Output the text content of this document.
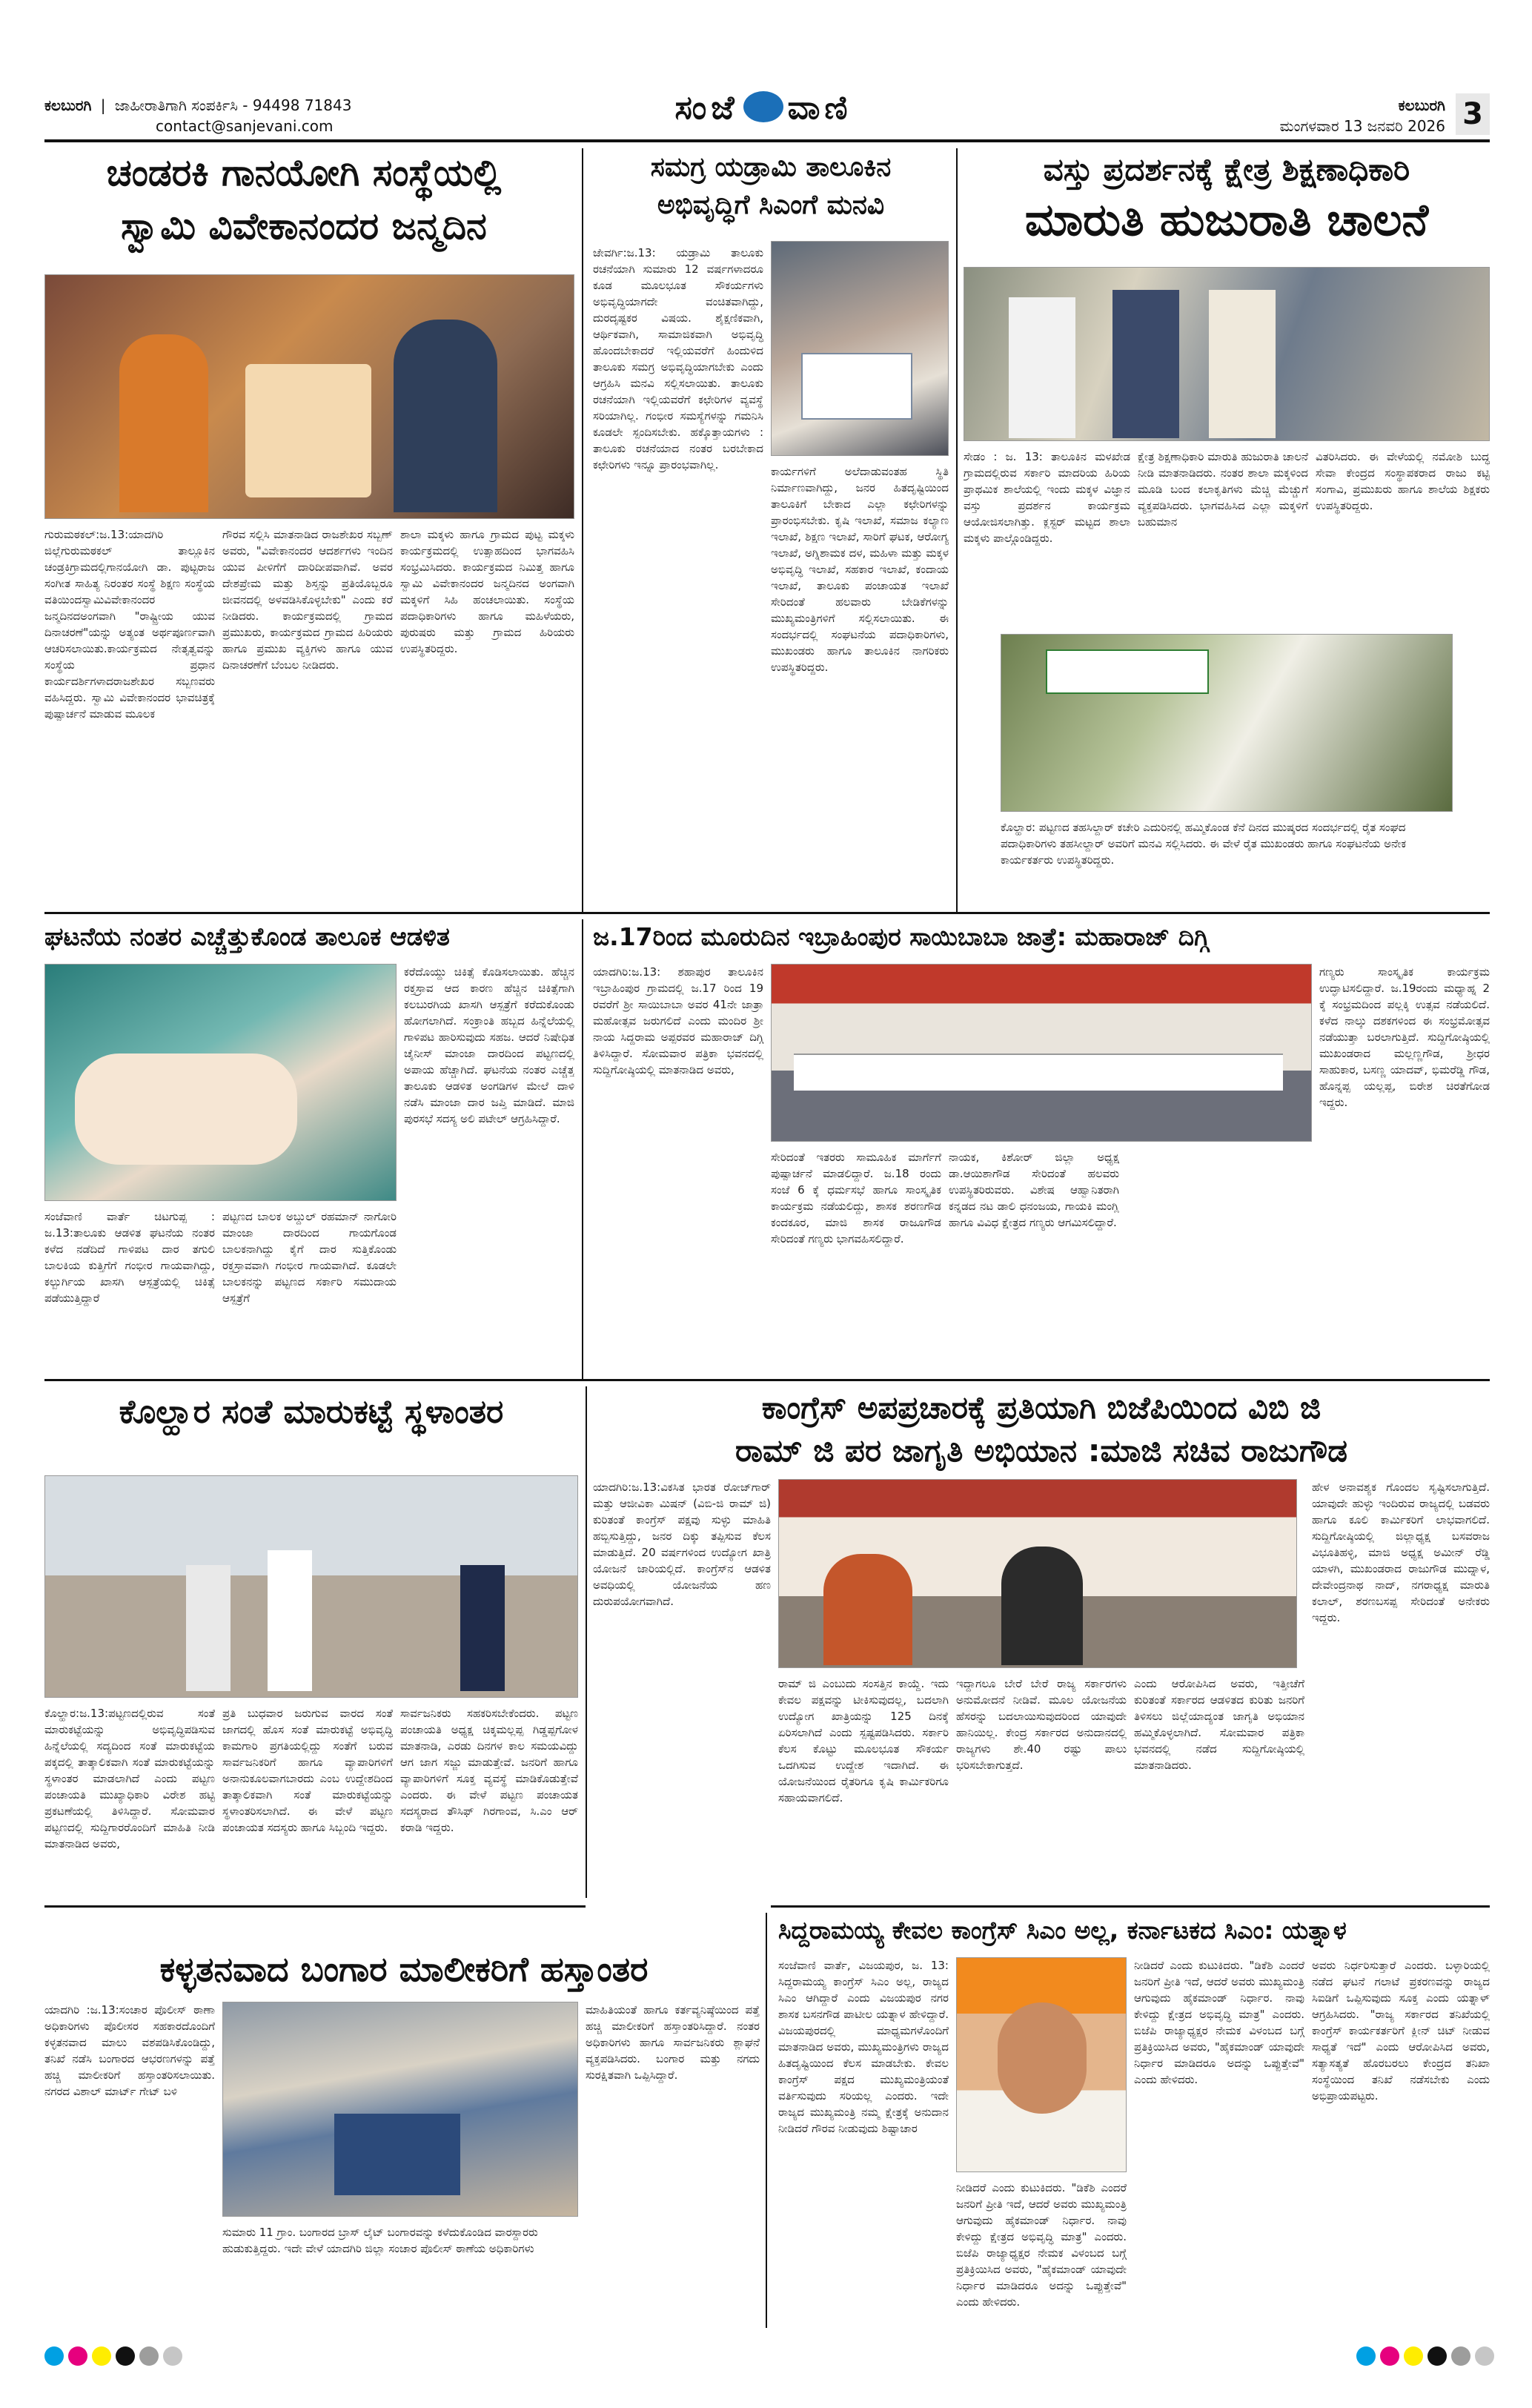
ಕಲಬುರಗಿ | ಜಾಹೀರಾತಿಗಾಗಿ ಸಂಪರ್ಕಿಸಿ - 94498 71843
contact@sanjevani.com	ಸಂಜೆ ವಾಣಿ	ಕಲಬುರಗಿ
ಮಂಗಳವಾರ 13 ಜನವರಿ 2026 3
ಚಂಡರಕಿ ಗಾನಯೋಗಿ ಸಂಸ್ಥೆಯಲ್ಲಿ
ಸ್ವಾಮಿ ವಿವೇಕಾನಂದರ ಜನ್ಮದಿನ
ಗುರುಮಠಕಲ್:ಜ.13:ಯಾದಗಿರಿ ಜಿಲ್ಲೆಗುರುಮಠಕಲ್ ತಾಲ್ಲೂಕಿನ ಚಂಡ್ರಕಿಗ್ರಾಮದಲ್ಲಿಗಾನಯೋಗಿ ಡಾ. ಪುಟ್ಟರಾಜ ಸಂಗೀತ ಸಾಹಿತ್ಯ ನಿರಂತರ ಸಂಸ್ಥೆ ಶಿಕ್ಷಣ ಸಂಸ್ಥೆಯ ವತಿಯಿಂದಸ್ವಾಮಿವಿವೇಕಾನಂದರ ಜನ್ಮದಿನದಅಂಗವಾಗಿ "ರಾಷ್ಟ್ರೀಯ ಯುವ ದಿನಾಚರಣೆ"ಯನ್ನು ಅತ್ಯಂತ ಅರ್ಥಪೂರ್ಣವಾಗಿ ಆಚರಿಸಲಾಯಿತು.ಕಾರ್ಯಕ್ರಮದ ನೇತೃತ್ವವನ್ನು ಸಂಸ್ಥೆಯ ಪ್ರಧಾನ ಕಾರ್ಯದರ್ಶಿಗಳಾದರಾಜಶೇಖರ ಸಬ್ಬಣವರು ವಹಿಸಿದ್ದರು. ಸ್ವಾಮಿ ವಿವೇಕಾನಂದರ ಭಾವಚಿತ್ರಕ್ಕೆ ಪುಷ್ಪಾರ್ಚನೆ ಮಾಡುವ ಮೂಲಕ
ಗೌರವ ಸಲ್ಲಿಸಿ ಮಾತನಾಡಿದ ರಾಜಶೇಖರ ಸಬ್ಬಣ್ ಅವರು, "ವಿವೇಕಾನಂದರ ಆದರ್ಶಗಳು ಇಂದಿನ ಯುವ ಪೀಳಿಗೆಗೆ ದಾರಿದೀಪವಾಗಿವೆ. ಅವರ ದೇಶಪ್ರೇಮ ಮತ್ತು ಶಿಸ್ತನ್ನು ಪ್ರತಿಯೊಬ್ಬರೂ ಜೀವನದಲ್ಲಿ ಅಳವಡಿಸಿಕೊಳ್ಳಬೇಕು" ಎಂದು ಕರೆ ನೀಡಿದರು. ಕಾರ್ಯಕ್ರಮದಲ್ಲಿ ಗ್ರಾಮದ ಪ್ರಮುಖರು, ಕಾರ್ಯಕ್ರಮದ ಗ್ರಾಮದ ಹಿರಿಯರು ಹಾಗೂ ಪ್ರಮುಖ ವ್ಯಕ್ತಿಗಳು ಹಾಗೂ ಯುವ ದಿನಾಚರಣೆಗೆ ಬೆಂಬಲ ನೀಡಿದರು.
ಶಾಲಾ ಮಕ್ಕಳು ಹಾಗೂ ಗ್ರಾಮದ ಪುಟ್ಟ ಮಕ್ಕಳು ಕಾರ್ಯಕ್ರಮದಲ್ಲಿ ಉತ್ಸಾಹದಿಂದ ಭಾಗವಹಿಸಿ ಸಂಭ್ರಮಿಸಿದರು. ಕಾರ್ಯಕ್ರಮದ ನಿಮಿತ್ತ ಹಾಗೂ ಸ್ವಾಮಿ ವಿವೇಕಾನಂದರ ಜನ್ಮದಿನದ ಅಂಗವಾಗಿ ಮಕ್ಕಳಿಗೆ ಸಿಹಿ ಹಂಚಲಾಯಿತು. ಸಂಸ್ಥೆಯ ಪದಾಧಿಕಾರಿಗಳು ಹಾಗೂ ಮಹಿಳೆಯರು, ಪುರುಷರು ಮತ್ತು ಗ್ರಾಮದ ಹಿರಿಯರು ಉಪಸ್ಥಿತರಿದ್ದರು.
ಸಮಗ್ರ ಯಡ್ರಾಮಿ ತಾಲೂಕಿನ
ಅಭಿವೃದ್ಧಿಗೆ ಸಿಎಂಗೆ ಮನವಿ
ಜೇವರ್ಗಿ:ಜ.13: ಯಡ್ರಾಮಿ ತಾಲೂಕು ರಚನೆಯಾಗಿ ಸುಮಾರು 12 ವರ್ಷಗಳಾದರೂ ಕೂಡ ಮೂಲಭೂತ ಸೌಕರ್ಯಗಳು ಅಭಿವೃದ್ಧಿಯಾಗದೇ ವಂಚಿತವಾಗಿದ್ದು, ದುರದೃಷ್ಟಕರ ವಿಷಯ. ಶೈಕ್ಷಣಿಕವಾಗಿ, ಆರ್ಥಿಕವಾಗಿ, ಸಾಮಾಜಿಕವಾಗಿ ಅಭಿವೃದ್ಧಿ ಹೊಂದಬೇಕಾದರೆ ಇಲ್ಲಿಯವರೆಗೆ ಹಿಂದುಳಿದ ತಾಲೂಕು ಸಮಗ್ರ ಅಭಿವೃದ್ಧಿಯಾಗಬೇಕು ಎಂದು ಆಗ್ರಹಿಸಿ ಮನವಿ ಸಲ್ಲಿಸಲಾಯಿತು. ತಾಲೂಕು ರಚನೆಯಾಗಿ ಇಲ್ಲಿಯವರೆಗೆ ಕಛೇರಿಗಳ ವ್ಯವಸ್ಥೆ ಸರಿಯಾಗಿಲ್ಲ. ಗಂಭೀರ ಸಮಸ್ಯೆಗಳನ್ನು ಗಮನಿಸಿ ಕೂಡಲೇ ಸ್ಪಂದಿಸಬೇಕು. ಹಕ್ಕೊತ್ತಾಯಗಳು : ತಾಲೂಕು ರಚನೆಯಾದ ನಂತರ ಬರಬೇಕಾದ ಕಛೇರಿಗಳು ಇನ್ನೂ ಪ್ರಾರಂಭವಾಗಿಲ್ಲ.	ಕಾರ್ಯಗಳಿಗೆ ಅಲೆದಾಡುವಂತಹ ಸ್ಥಿತಿ ನಿರ್ಮಾಣವಾಗಿದ್ದು, ಜನರ ಹಿತದೃಷ್ಟಿಯಿಂದ ತಾಲೂಕಿಗೆ ಬೇಕಾದ ಎಲ್ಲಾ ಕಛೇರಿಗಳನ್ನು ಪ್ರಾರಂಭಿಸಬೇಕು. ಕೃಷಿ ಇಲಾಖೆ, ಸಮಾಜ ಕಲ್ಯಾಣ ಇಲಾಖೆ, ಶಿಕ್ಷಣ ಇಲಾಖೆ, ಸಾರಿಗೆ ಘಟಕ, ಆರೋಗ್ಯ ಇಲಾಖೆ, ಅಗ್ನಿಶಾಮಕ ದಳ, ಮಹಿಳಾ ಮತ್ತು ಮಕ್ಕಳ ಅಭಿವೃದ್ಧಿ ಇಲಾಖೆ, ಸಹಕಾರ ಇಲಾಖೆ, ಕಂದಾಯ ಇಲಾಖೆ, ತಾಲೂಕು ಪಂಚಾಯತ ಇಲಾಖೆ ಸೇರಿದಂತೆ ಹಲವಾರು ಬೇಡಿಕೆಗಳನ್ನು ಮುಖ್ಯಮಂತ್ರಿಗಳಿಗೆ ಸಲ್ಲಿಸಲಾಯಿತು. ಈ ಸಂದರ್ಭದಲ್ಲಿ ಸಂಘಟನೆಯ ಪದಾಧಿಕಾರಿಗಳು, ಮುಖಂಡರು ಹಾಗೂ ತಾಲೂಕಿನ ನಾಗರಿಕರು ಉಪಸ್ಥಿತರಿದ್ದರು.
ವಸ್ತು ಪ್ರದರ್ಶನಕ್ಕೆ ಕ್ಷೇತ್ರ ಶಿಕ್ಷಣಾಧಿಕಾರಿ
ಮಾರುತಿ ಹುಜುರಾತಿ ಚಾಲನೆ
ಸೇಡಂ : ಜ. 13: ತಾಲೂಕಿನ ಮಳಖೇಡ ಗ್ರಾಮದಲ್ಲಿರುವ ಸರ್ಕಾರಿ ಮಾದರಿಯ ಹಿರಿಯ ಪ್ರಾಥಮಿಕ ಶಾಲೆಯಲ್ಲಿ ಇಂದು ಮಕ್ಕಳ ವಿಜ್ಞಾನ ವಸ್ತು ಪ್ರದರ್ಶನ ಕಾರ್ಯಕ್ರಮ ಆಯೋಜಿಸಲಾಗಿತ್ತು. ಕ್ಲಸ್ಟರ್ ಮಟ್ಟದ ಶಾಲಾ ಮಕ್ಕಳು ಪಾಲ್ಗೊಂಡಿದ್ದರು.
ಕ್ಷೇತ್ರ ಶಿಕ್ಷಣಾಧಿಕಾರಿ ಮಾರುತಿ ಹುಜುರಾತಿ ಚಾಲನೆ ನೀಡಿ ಮಾತನಾಡಿದರು. ನಂತರ ಶಾಲಾ ಮಕ್ಕಳಿಂದ ಮೂಡಿ ಬಂದ ಕಲಾಕೃತಿಗಳು ಮೆಚ್ಚಿ ಮೆಚ್ಚುಗೆ ವ್ಯಕ್ತಪಡಿಸಿದರು. ಭಾಗವಹಿಸಿದ ಎಲ್ಲಾ ಮಕ್ಕಳಿಗೆ ಬಹುಮಾನ
ವಿತರಿಸಿದರು. ಈ ವೇಳೆಯಲ್ಲಿ ನಮೋಶಿ ಬುದ್ಧ ಸೇವಾ ಕೇಂದ್ರದ ಸಂಸ್ಥಾಪಕರಾದ ರಾಜು ಕಟ್ಟಿ ಸಂಗಾವಿ, ಪ್ರಮುಖರು ಹಾಗೂ ಶಾಲೆಯ ಶಿಕ್ಷಕರು ಉಪಸ್ಥಿತರಿದ್ದರು.
ಕೊಲ್ಹಾರ: ಪಟ್ಟಣದ ತಹಸಿಲ್ದಾರ್ ಕಚೇರಿ ಎದುರಿನಲ್ಲಿ ಹಮ್ಮಿಕೊಂಡ ಕೆನೆ ದಿನದ ಮುಷ್ಕರದ ಸಂದರ್ಭದಲ್ಲಿ ರೈತ ಸಂಘದ ಪದಾಧಿಕಾರಿಗಳು ತಹಸೀಲ್ದಾರ್ ಅವರಿಗೆ ಮನವಿ ಸಲ್ಲಿಸಿದರು. ಈ ವೇಳೆ ರೈತ ಮುಖಂಡರು ಹಾಗೂ ಸಂಘಟನೆಯ ಅನೇಕ ಕಾರ್ಯಕರ್ತರು ಉಪಸ್ಥಿತರಿದ್ದರು.
ಘಟನೆಯ ನಂತರ ಎಚ್ಚೆತ್ತುಕೊಂಡ ತಾಲೂಕ ಆಡಳಿತ
ಸಂಜೆವಾಣಿ ವಾರ್ತೆ ಚಿಟಗುಪ್ಪ : ಜ.13:ತಾಲೂಕು ಆಡಳಿತ ಘಟನೆಯ ನಂತರ ಕಳೆದ ನಡೆದಿದೆ ಗಾಳಿಪಟ ದಾರ ತಗುಲಿ ಬಾಲಕಿಯ ಕುತ್ತಿಗೆಗೆ ಗಂಭೀರ ಗಾಯವಾಗಿದ್ದು, ಕಲ್ಬುರ್ಗಿಯ ಖಾಸಗಿ ಆಸ್ಪತ್ರೆಯಲ್ಲಿ ಚಿಕಿತ್ಸೆ ಪಡೆಯುತ್ತಿದ್ದಾರೆ
ಪಟ್ಟಣದ ಬಾಲಕ ಅಬ್ದುಲ್ ರಹಮಾನ್ ನಾಗೋರಿ ಮಾಂಜಾ ದಾರದಿಂದ ಗಾಯಗೊಂಡ ಬಾಲಕನಾಗಿದ್ದು ಕೈಗೆ ದಾರ ಸುತ್ತಿಕೊಂಡು ರಕ್ತಸ್ರಾವವಾಗಿ ಗಂಭೀರ ಗಾಯವಾಗಿದೆ. ಕೂಡಲೇ ಬಾಲಕನನ್ನು ಪಟ್ಟಣದ ಸರ್ಕಾರಿ ಸಮುದಾಯ ಆಸ್ಪತ್ರೆಗೆ
ಕರೆದೊಯ್ದು ಚಿಕಿತ್ಸೆ ಕೊಡಿಸಲಾಯಿತು. ಹೆಚ್ಚಿನ ರಕ್ತಸ್ರಾವ ಆದ ಕಾರಣ ಹೆಚ್ಚಿನ ಚಿಕಿತ್ಸೆಗಾಗಿ ಕಲಬುರಗಿಯ ಖಾಸಗಿ ಆಸ್ಪತ್ರೆಗೆ ಕರೆದುಕೊಂಡು ಹೋಗಲಾಗಿದೆ. ಸಂಕ್ರಾಂತಿ ಹಬ್ಬದ ಹಿನ್ನೆಲೆಯಲ್ಲಿ ಗಾಳಿಪಟ ಹಾರಿಸುವುದು ಸಹಜ. ಆದರೆ ನಿಷೇಧಿತ ಚೈನೀಸ್ ಮಾಂಜಾ ದಾರದಿಂದ ಪಟ್ಟಣದಲ್ಲಿ ಅಪಾಯ ಹೆಚ್ಚಾಗಿದೆ. ಘಟನೆಯ ನಂತರ ಎಚ್ಚೆತ್ತ ತಾಲೂಕು ಆಡಳಿತ ಅಂಗಡಿಗಳ ಮೇಲೆ ದಾಳಿ ನಡೆಸಿ ಮಾಂಜಾ ದಾರ ಜಪ್ತಿ ಮಾಡಿದೆ. ಮಾಜಿ ಪುರಸಭೆ ಸದಸ್ಯ ಅಲಿ ಪಟೇಲ್ ಆಗ್ರಹಿಸಿದ್ದಾರೆ.
ಜ.17ರಿಂದ ಮೂರುದಿನ ಇಬ್ರಾಹಿಂಪುರ ಸಾಯಿಬಾಬಾ ಜಾತ್ರೆ: ಮಹಾರಾಜ್ ದಿಗ್ಗಿ
ಯಾದಗಿರಿ:ಜ.13: ಶಹಾಪುರ ತಾಲೂಕಿನ ಇಬ್ರಾಹಿಂಪುರ ಗ್ರಾಮದಲ್ಲಿ ಜ.17 ರಿಂದ 19 ರವರೆಗೆ ಶ್ರೀ ಸಾಯಿಬಾಬಾ ಅವರ 41ನೇ ಜಾತ್ರಾ ಮಹೋತ್ಸವ ಜರುಗಲಿದೆ ಎಂದು ಮಂದಿರ ಶ್ರೀ ನಾಯ ಸಿದ್ದರಾಮ ಅಪ್ಪರವರ ಮಹಾರಾಜ್ ದಿಗ್ಗಿ ತಿಳಿಸಿದ್ದಾರೆ. ಸೋಮವಾರ ಪತ್ರಿಕಾ ಭವನದಲ್ಲಿ ಸುದ್ದಿಗೋಷ್ಠಿಯಲ್ಲಿ ಮಾತನಾಡಿದ ಅವರು,
ಸೇರಿದಂತೆ ಇತರರು ಸಾಮೂಹಿಕ ಮಾರ್ಗೆಗೆ ಪುಷ್ಪಾರ್ಚನೆ ಮಾಡಲಿದ್ದಾರೆ. ಜ.18 ರಂದು ಸಂಜೆ 6 ಕ್ಕೆ ಧರ್ಮಸಭೆ ಹಾಗೂ ಸಾಂಸ್ಕೃತಿಕ ಕಾರ್ಯಕ್ರಮ ನಡೆಯಲಿದ್ದು, ಶಾಸಕ ಶರಣಗೌಡ ಕಂದಕೂರ, ಮಾಜಿ ಶಾಸಕ ರಾಜೂಗೌಡ ಸೇರಿದಂತೆ ಗಣ್ಯರು ಭಾಗವಹಿಸಲಿದ್ದಾರೆ.
ನಾಯಕ, ಕಿಶೋರ್ ಜಿಲ್ಲಾ ಅಧ್ಯಕ್ಷ ಡಾ.ಆಯಿಶಾಗೌಡ ಸೇರಿದಂತೆ ಹಲವರು ಉಪಸ್ಥಿತರಿರುವರು. ವಿಶೇಷ ಆಹ್ವಾನಿತರಾಗಿ ಕನ್ನಡದ ನಟ ಡಾಲಿ ಧನಂಜಯ, ಗಾಯಕಿ ಮಂಗ್ಲಿ ಹಾಗೂ ವಿವಿಧ ಕ್ಷೇತ್ರದ ಗಣ್ಯರು ಆಗಮಿಸಲಿದ್ದಾರೆ.
ಗಣ್ಯರು ಸಾಂಸ್ಕೃತಿಕ ಕಾರ್ಯಕ್ರಮ ಉದ್ಘಾಟಿಸಲಿದ್ದಾರೆ. ಜ.19ರಂದು ಮಧ್ಯಾಹ್ನ 2 ಕ್ಕೆ ಸಂಭ್ರಮದಿಂದ ಪಲ್ಲಕ್ಕಿ ಉತ್ಸವ ನಡೆಯಲಿದೆ. ಕಳೆದ ನಾಲ್ಕು ದಶಕಗಳಿಂದ ಈ ಸಂಭ್ರಮೋತ್ಸವ ನಡೆಯುತ್ತಾ ಬರಲಾಗುತ್ತಿದೆ. ಸುದ್ದಿಗೋಷ್ಠಿಯಲ್ಲಿ ಮುಖಂಡರಾದ ಮಲ್ಲಣ್ಣಗೌಡ, ಶ್ರೀಧರ ಸಾಹುಕಾರ, ಬಸಣ್ಣ ಯಾದವ್, ಭಿಮರೆಡ್ಡಿ ಗೌಡ, ಹೊನ್ನಪ್ಪ ಯಲ್ಲಪ್ಪ, ಬಿರೇಶ ಚಿರತೆಗೋಡ ಇದ್ದರು.
ಕೊಲ್ಹಾರ ಸಂತೆ ಮಾರುಕಟ್ಟೆ ಸ್ಥಳಾಂತರ
ಕೊಲ್ಹಾರ:ಜ.13:ಪಟ್ಟಣದಲ್ಲಿರುವ ಸಂತೆ ಮಾರುಕಟ್ಟೆಯನ್ನು ಅಭಿವೃದ್ಧಿಪಡಿಸುವ ಹಿನ್ನೆಲೆಯಲ್ಲಿ ಸದ್ಯದಿಂದ ಸಂತೆ ಮಾರುಕಟ್ಟೆಯ ಪಕ್ಕದಲ್ಲಿ ತಾತ್ಕಾಲಿಕವಾಗಿ ಸಂತೆ ಮಾರುಕಟ್ಟೆಯನ್ನು ಸ್ಥಳಾಂತರ ಮಾಡಲಾಗಿದೆ ಎಂದು ಪಟ್ಟಣ ಪಂಚಾಯತಿ ಮುಖ್ಯಾಧಿಕಾರಿ ವಿರೇಶ ಹಟ್ಟಿ ಪ್ರಕಟಣೆಯಲ್ಲಿ ತಿಳಿಸಿದ್ದಾರೆ. ಸೋಮವಾರ ಪಟ್ಟಣದಲ್ಲಿ ಸುದ್ದಿಗಾರರೊಂದಿಗೆ ಮಾಹಿತಿ ನೀಡಿ ಮಾತನಾಡಿದ ಅವರು,
ಪ್ರತಿ ಬುಧವಾರ ಜರುಗುವ ವಾರದ ಸಂತೆ ಜಾಗದಲ್ಲಿ ಹೊಸ ಸಂತೆ ಮಾರುಕಟ್ಟೆ ಅಭಿವೃದ್ಧಿ ಕಾಮಗಾರಿ ಪ್ರಗತಿಯಲ್ಲಿದ್ದು ಸಂತೆಗೆ ಬರುವ ಸಾರ್ವಜನಿಕರಿಗೆ ಹಾಗೂ ವ್ಯಾಪಾರಿಗಳಿಗೆ ಅನಾನುಕೂಲವಾಗಬಾರದು ಎಂಬ ಉದ್ದೇಶದಿಂದ ತಾತ್ಕಾಲಿಕವಾಗಿ ಸಂತೆ ಮಾರುಕಟ್ಟೆಯನ್ನು ಸ್ಥಳಾಂತರಿಸಲಾಗಿದೆ. ಈ ವೇಳೆ ಪಟ್ಟಣ ಪಂಚಾಯತ ಸದಸ್ಯರು ಹಾಗೂ ಸಿಬ್ಬಂದಿ ಇದ್ದರು.
ಸಾರ್ವಜನಿಕರು ಸಹಕರಿಸಬೇಕೆಂದರು. ಪಟ್ಟಣ ಪಂಚಾಯತಿ ಅಧ್ಯಕ್ಷ ಚಿಕ್ಕಮಲ್ಲಪ್ಪ ಗಿಡ್ಡಪ್ಪಗೋಳ ಮಾತನಾಡಿ, ಎರಡು ದಿನಗಳ ಕಾಲ ಸಮಯವಿದ್ದು ಆಗ ಜಾಗ ಸಜ್ಜು ಮಾಡುತ್ತೇವೆ. ಜನರಿಗೆ ಹಾಗೂ ವ್ಯಾಪಾರಿಗಳಿಗೆ ಸೂಕ್ತ ವ್ಯವಸ್ಥೆ ಮಾಡಿಕೊಡುತ್ತೇವೆ ಎಂದರು. ಈ ವೇಳೆ ಪಟ್ಟಣ ಪಂಚಾಯತ ಸದಸ್ಯರಾದ ತೌಸಿಫ್ ಗಿರಗಾಂವ, ಸಿ.ಎಂ ಆರ್ ಕರಾಡಿ ಇದ್ದರು.
ಕಾಂಗ್ರೆಸ್ ಅಪಪ್ರಚಾರಕ್ಕೆ ಪ್ರತಿಯಾಗಿ ಬಿಜೆಪಿಯಿಂದ ವಿಬಿ ಜಿ
ರಾಮ್ ಜಿ ಪರ ಜಾಗೃತಿ ಅಭಿಯಾನ :ಮಾಜಿ ಸಚಿವ ರಾಜುಗೌಡ
ಯಾದಗಿರಿ:ಜ.13:ವಿಕಸಿತ ಭಾರತ ರೋಜ್‌ಗಾರ್ ಮತ್ತು ಆಜೀವಿಕಾ ಮಿಷನ್ (ವಿಬಿ-ಜಿ ರಾಮ್ ಜಿ) ಕುರಿತಂತೆ ಕಾಂಗ್ರೆಸ್ ಪಕ್ಷವು ಸುಳ್ಳು ಮಾಹಿತಿ ಹಬ್ಬಿಸುತ್ತಿದ್ದು, ಜನರ ದಿಕ್ಕು ತಪ್ಪಿಸುವ ಕೆಲಸ ಮಾಡುತ್ತಿದೆ. 20 ವರ್ಷಗಳಿಂದ ಉದ್ಯೋಗ ಖಾತ್ರಿ ಯೋಜನೆ ಜಾರಿಯಲ್ಲಿದೆ. ಕಾಂಗ್ರೆಸ್‌ನ ಆಡಳಿತ ಅವಧಿಯಲ್ಲಿ ಯೋಜನೆಯ ಹಣ ದುರುಪಯೋಗವಾಗಿದೆ.
ರಾಮ್ ಜಿ ಎಂಬುದು ಸಂಸತ್ತಿನ ಕಾಯ್ದೆ. ಇದು ಕೇವಲ ಪಕ್ಷವನ್ನು ಟೀಕಿಸುವುದಲ್ಲ, ಬದಲಾಗಿ ಉದ್ಯೋಗ ಖಾತ್ರಿಯನ್ನು 125 ದಿನಕ್ಕೆ ಏರಿಸಲಾಗಿದೆ ಎಂದು ಸ್ಪಷ್ಟಪಡಿಸಿದರು. ಸರ್ಕಾರಿ ಕೆಲಸ ಕೊಟ್ಟು ಮೂಲಭೂತ ಸೌಕರ್ಯ ಒದಗಿಸುವ ಉದ್ದೇಶ ಇದಾಗಿದೆ. ಈ ಯೋಜನೆಯಿಂದ ರೈತರಿಗೂ ಕೃಷಿ ಕಾರ್ಮಿಕರಿಗೂ ಸಹಾಯವಾಗಲಿದೆ.
ಇದ್ದಾಗಲೂ ಬೇರೆ ಬೇರೆ ರಾಜ್ಯ ಸರ್ಕಾರಗಳು ಅನುಮೋದನೆ ನೀಡಿವೆ. ಮೂಲ ಯೋಜನೆಯ ಹೆಸರನ್ನು ಬದಲಾಯಿಸುವುದರಿಂದ ಯಾವುದೇ ಹಾನಿಯಿಲ್ಲ. ಕೇಂದ್ರ ಸರ್ಕಾರದ ಅನುದಾನದಲ್ಲಿ ರಾಜ್ಯಗಳು ಶೇ.40 ರಷ್ಟು ಪಾಲು ಭರಿಸಬೇಕಾಗುತ್ತದೆ.
ಎಂದು ಆರೋಪಿಸಿದ ಅವರು, ಇತ್ತೀಚೆಗೆ ಕುರಿತಂತೆ ಸರ್ಕಾರದ ಆಡಳಿತದ ಕುರಿತು ಜನರಿಗೆ ತಿಳಿಸಲು ಜಿಲ್ಲೆಯಾದ್ಯಂತ ಜಾಗೃತಿ ಅಭಿಯಾನ ಹಮ್ಮಿಕೊಳ್ಳಲಾಗಿದೆ. ಸೋಮವಾರ ಪತ್ರಿಕಾ ಭವನದಲ್ಲಿ ನಡೆದ ಸುದ್ದಿಗೋಷ್ಠಿಯಲ್ಲಿ ಮಾತನಾಡಿದರು.
ಹೇಳ ಅನಾವಶ್ಯಕ ಗೊಂದಲ ಸೃಷ್ಟಿಸಲಾಗುತ್ತಿದೆ. ಯಾವುದೇ ಹುಳ್ಳು ಇಂದಿರುವ ರಾಜ್ಯದಲ್ಲಿ ಬಡವರು ಹಾಗೂ ಕೂಲಿ ಕಾರ್ಮಿಕರಿಗೆ ಲಾಭವಾಗಲಿದೆ. ಸುದ್ದಿಗೋಷ್ಠಿಯಲ್ಲಿ ಜಿಲ್ಲಾಧ್ಯಕ್ಷ ಬಸವರಾಜ ವಿಭೂತಿಹಳ್ಳಿ, ಮಾಜಿ ಅಧ್ಯಕ್ಷ ಅಮೀನ್ ರೆಡ್ಡಿ ಯಾಳಗಿ, ಮುಖಂಡರಾದ ರಾಜುಗೌಡ ಮುದ್ನಾಳ, ದೇವೇಂದ್ರನಾಥ ನಾದ್, ನಗರಾಧ್ಯಕ್ಷ ಮಾರುತಿ ಕಲಾಲ್, ಶರಣಬಸಪ್ಪ ಸೇರಿದಂತೆ ಅನೇಕರು ಇದ್ದರು.
ಕಳ್ಳತನವಾದ ಬಂಗಾರ ಮಾಲೀಕರಿಗೆ ಹಸ್ತಾಂತರ
ಯಾದಗಿರಿ :ಜ.13:ಸಂಚಾರ ಪೊಲೀಸ್ ಠಾಣಾ ಅಧಿಕಾರಿಗಳು ಪೊಲೀಸರ ಸಹಕಾರದೊಂದಿಗೆ ಕಳ್ಳತನವಾದ ಮಾಲು ವಶಪಡಿಸಿಕೊಂಡಿದ್ದು, ತನಿಖೆ ನಡೆಸಿ ಬಂಗಾರದ ಆಭರಣಗಳನ್ನು ಪತ್ತೆ ಹಚ್ಚಿ ಮಾಲೀಕರಿಗೆ ಹಸ್ತಾಂತರಿಸಲಾಯಿತು. ನಗರದ ವಿಶಾಲ್ ಮಾರ್ಟ್ ಗೇಟ್ ಬಳಿ
ಸುಮಾರು 11 ಗ್ರಾಂ. ಬಂಗಾರದ ಬ್ರಾಸ್ ಲೈಟ್ ಬಂಗಾರವನ್ನು ಕಳೆದುಕೊಂಡಿದ ವಾರಸ್ದಾರರು ಹುಡುಕುತ್ತಿದ್ದರು. ಇದೇ ವೇಳೆ ಯಾದಗಿರಿ ಜಿಲ್ಲಾ ಸಂಚಾರ ಪೊಲೀಸ್ ಠಾಣೆಯ ಅಧಿಕಾರಿಗಳು
ಮಾಹಿತಿಯಂತೆ ಹಾಗೂ ಕರ್ತವ್ಯನಿಷ್ಠೆಯಿಂದ ಪತ್ತೆ ಹಚ್ಚಿ ಮಾಲೀಕರಿಗೆ ಹಸ್ತಾಂತರಿಸಿದ್ದಾರೆ. ನಂತರ ಅಧಿಕಾರಿಗಳು ಹಾಗೂ ಸಾರ್ವಜನಿಕರು ಶ್ಲಾಘನೆ ವ್ಯಕ್ತಪಡಿಸಿದರು. ಬಂಗಾರ ಮತ್ತು ನಗದು ಸುರಕ್ಷಿತವಾಗಿ ಒಪ್ಪಿಸಿದ್ದಾರೆ.
ಸಿದ್ದರಾಮಯ್ಯ ಕೇವಲ ಕಾಂಗ್ರೆಸ್ ಸಿಎಂ ಅಲ್ಲ, ಕರ್ನಾಟಕದ ಸಿಎಂ: ಯತ್ನಾಳ
ಸಂಜೆವಾಣಿ ವಾರ್ತೆ, ವಿಜಯಪುರ, ಜ. 13: ಸಿದ್ದರಾಮಯ್ಯ ಕಾಂಗ್ರೆಸ್ ಸಿಎಂ ಅಲ್ಲ, ರಾಜ್ಯದ ಸಿಎಂ ಆಗಿದ್ದಾರೆ ಎಂದು ವಿಜಯಪುರ ನಗರ ಶಾಸಕ ಬಸನಗೌಡ ಪಾಟೀಲ ಯತ್ನಾಳ ಹೇಳಿದ್ದಾರೆ. ವಿಜಯಪುರದಲ್ಲಿ ಮಾಧ್ಯಮಗಳೊಂದಿಗೆ ಮಾತನಾಡಿದ ಅವರು, ಮುಖ್ಯಮಂತ್ರಿಗಳು ರಾಜ್ಯದ ಹಿತದೃಷ್ಟಿಯಿಂದ ಕೆಲಸ ಮಾಡಬೇಕು. ಕೇವಲ ಕಾಂಗ್ರೆಸ್ ಪಕ್ಷದ ಮುಖ್ಯಮಂತ್ರಿಯಂತೆ ವರ್ತಿಸುವುದು ಸರಿಯಲ್ಲ ಎಂದರು. ಇದೇ ರಾಜ್ಯದ ಮುಖ್ಯಮಂತ್ರಿ ನಮ್ಮ ಕ್ಷೇತ್ರಕ್ಕೆ ಅನುದಾನ ನೀಡಿದರೆ ಗೌರವ ನೀಡುವುದು ಶಿಷ್ಟಾಚಾರ
ನೀಡಿದರೆ ಎಂದು ಕುಟುಕಿದರು. "ಡಿಕೆಶಿ ಎಂದರೆ ಜನರಿಗೆ ಪ್ರೀತಿ ಇದೆ, ಆದರೆ ಅವರು ಮುಖ್ಯಮಂತ್ರಿ ಆಗುವುದು ಹೈಕಮಾಂಡ್ ನಿರ್ಧಾರ. ನಾವು ಕೇಳಿದ್ದು ಕ್ಷೇತ್ರದ ಅಭಿವೃದ್ಧಿ ಮಾತ್ರ" ಎಂದರು. ಬಿಜೆಪಿ ರಾಜ್ಯಾಧ್ಯಕ್ಷರ ನೇಮಕ ವಿಳಂಬದ ಬಗ್ಗೆ ಪ್ರತಿಕ್ರಿಯಿಸಿದ ಅವರು, "ಹೈಕಮಾಂಡ್ ಯಾವುದೇ ನಿರ್ಧಾರ ಮಾಡಿದರೂ ಅದನ್ನು ಒಪ್ಪುತ್ತೇವೆ" ಎಂದು ಹೇಳಿದರು.
ನೀಡಿದರೆ ಎಂದು ಕುಟುಕಿದರು. "ಡಿಕೆಶಿ ಎಂದರೆ ಜನರಿಗೆ ಪ್ರೀತಿ ಇದೆ, ಆದರೆ ಅವರು ಮುಖ್ಯಮಂತ್ರಿ ಆಗುವುದು ಹೈಕಮಾಂಡ್ ನಿರ್ಧಾರ. ನಾವು ಕೇಳಿದ್ದು ಕ್ಷೇತ್ರದ ಅಭಿವೃದ್ಧಿ ಮಾತ್ರ" ಎಂದರು. ಬಿಜೆಪಿ ರಾಜ್ಯಾಧ್ಯಕ್ಷರ ನೇಮಕ ವಿಳಂಬದ ಬಗ್ಗೆ ಪ್ರತಿಕ್ರಿಯಿಸಿದ ಅವರು, "ಹೈಕಮಾಂಡ್ ಯಾವುದೇ ನಿರ್ಧಾರ ಮಾಡಿದರೂ ಅದನ್ನು ಒಪ್ಪುತ್ತೇವೆ" ಎಂದು ಹೇಳಿದರು.
ಅವರು ನಿರ್ಧರಿಸುತ್ತಾರೆ ಎಂದರು. ಬಳ್ಳಾರಿಯಲ್ಲಿ ನಡೆದ ಘಟನೆ ಗಲಾಟೆ ಪ್ರಕರಣವನ್ನು ರಾಜ್ಯದ ಸಿಐಡಿಗೆ ಒಪ್ಪಿಸುವುದು ಸೂಕ್ತ ಎಂದು ಯತ್ನಾಳ್ ಆಗ್ರಹಿಸಿದರು. "ರಾಜ್ಯ ಸರ್ಕಾರದ ತನಿಖೆಯಲ್ಲಿ ಕಾಂಗ್ರೆಸ್ ಕಾರ್ಯಕರ್ತರಿಗೆ ಕ್ಲೀನ್ ಚಿಟ್ ನೀಡುವ ಸಾಧ್ಯತೆ ಇದೆ" ಎಂದು ಆರೋಪಿಸಿದ ಅವರು, ಸತ್ಯಾಸತ್ಯತೆ ಹೊರಬರಲು ಕೇಂದ್ರದ ತನಿಖಾ ಸಂಸ್ಥೆಯಿಂದ ತನಿಖೆ ನಡೆಸಬೇಕು ಎಂದು ಅಭಿಪ್ರಾಯಪಟ್ಟರು.
